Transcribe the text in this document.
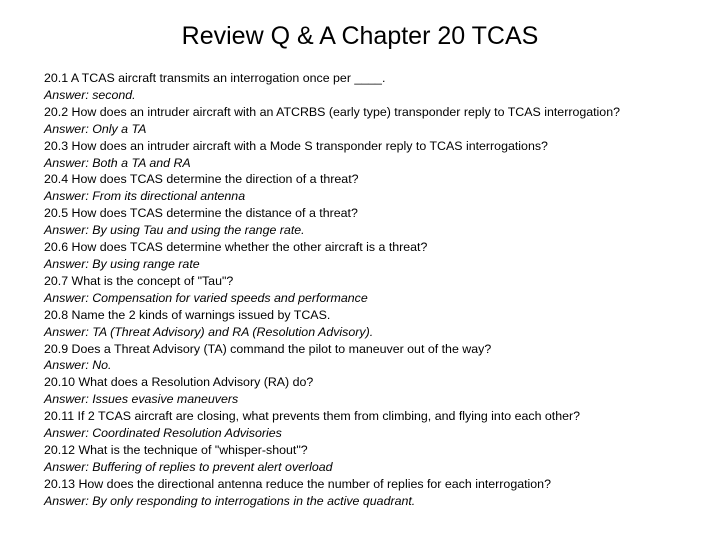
Review Q & A Chapter 20 TCAS
20.1 A TCAS aircraft transmits an interrogation once per ____.
Answer: second.
20.2 How does an intruder aircraft with an ATCRBS (early type) transponder reply to TCAS interrogation?
Answer: Only a TA
20.3 How does an intruder aircraft with a Mode S transponder reply to TCAS interrogations?
Answer: Both a TA and RA
20.4 How does TCAS determine the direction of a threat?
Answer: From its directional antenna
20.5 How does TCAS determine the distance of a threat?
Answer: By using Tau and using the range rate.
20.6 How does TCAS determine whether the other aircraft is a threat?
Answer: By using range rate
20.7 What is the concept of "Tau"?
Answer: Compensation for varied speeds and performance
20.8 Name the 2 kinds of warnings issued by TCAS.
Answer: TA (Threat Advisory) and RA (Resolution Advisory).
20.9 Does a Threat Advisory (TA) command the pilot to maneuver out of the way?
Answer: No.
20.10 What does a Resolution Advisory (RA) do?
Answer: Issues evasive maneuvers
20.11 If 2 TCAS aircraft are closing, what prevents them from climbing, and flying into each other?
Answer: Coordinated Resolution Advisories
20.12 What is the technique of "whisper-shout"?
Answer: Buffering of replies to prevent alert overload
20.13 How does the directional antenna reduce the number of replies for each interrogation?
Answer: By only responding to interrogations in the active quadrant.
